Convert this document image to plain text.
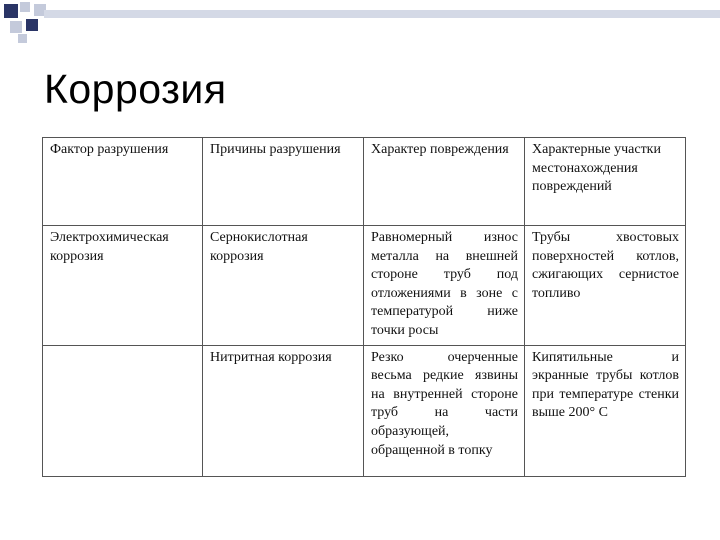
Коррозия
Фактор разрушения	Причины разрушения	Характер повреждения	Характерные участки местонахождения повреждений
Электрохимическая коррозия	Сернокислотная коррозия	Равномерный износ металла на внешней стороне труб под отложениями в зоне с температурой ниже точки росы	Трубы хвостовых поверхностей котлов, сжигающих сернистое топливо
	Нитритная коррозия	Резко очерченные весьма редкие язвины на внутренней стороне труб на части образующей, обращенной в топку	Кипятильные и экранные трубы котлов при температуре стенки выше 200° С
